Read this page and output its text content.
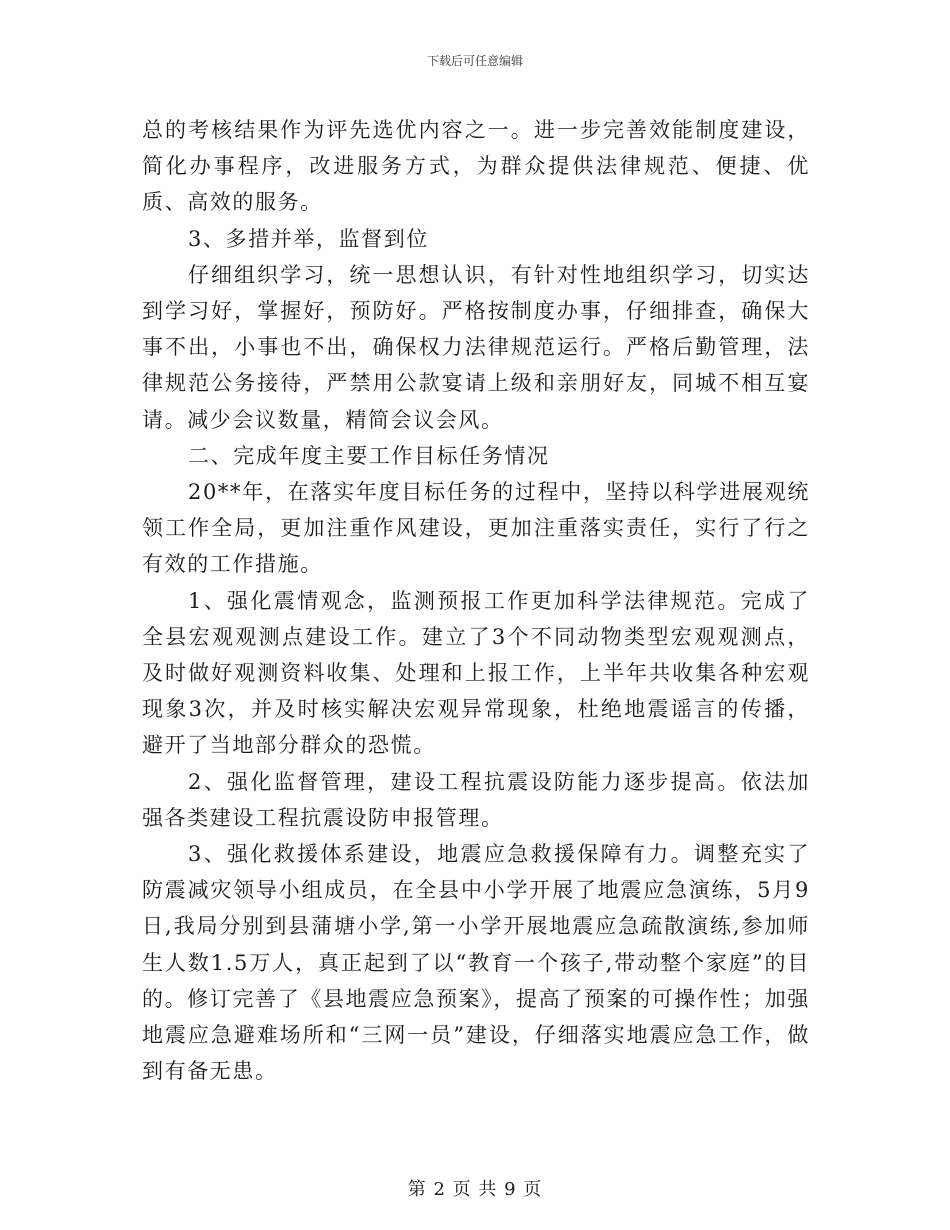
下载后可任意编辑

总的考核结果作为评先选优内容之一。进一步完善效能制度建设，简化办事程序，改进服务方式，为群众提供法律规范、便捷、优质、高效的服务。

3、多措并举，监督到位

仔细组织学习，统一思想认识，有针对性地组织学习，切实达到学习好，掌握好，预防好。严格按制度办事，仔细排查，确保大事不出，小事也不出，确保权力法律规范运行。严格后勤管理，法律规范公务接待，严禁用公款宴请上级和亲朋好友，同城不相互宴请。减少会议数量，精简会议会风。

二、完成年度主要工作目标任务情况

20**年，在落实年度目标任务的过程中，坚持以科学进展观统领工作全局，更加注重作风建设，更加注重落实责任，实行了行之有效的工作措施。

1、强化震情观念，监测预报工作更加科学法律规范。完成了全县宏观观测点建设工作。建立了3个不同动物类型宏观观测点，及时做好观测资料收集、处理和上报工作，上半年共收集各种宏观现象3次，并及时核实解决宏观异常现象，杜绝地震谣言的传播，避开了当地部分群众的恐慌。

2、强化监督管理，建设工程抗震设防能力逐步提高。依法加强各类建设工程抗震设防申报管理。

3、强化救援体系建设，地震应急救援保障有力。调整充实了防震减灾领导小组成员，在全县中小学开展了地震应急演练，5月9日,我局分别到县蒲塘小学,第一小学开展地震应急疏散演练,参加师生人数1.5万人，真正起到了以“教育一个孩子,带动整个家庭”的目的。修订完善了《县地震应急预案》，提高了预案的可操作性；加强地震应急避难场所和“三网一员”建设，仔细落实地震应急工作，做到有备无患。

第 2 页 共 9 页
